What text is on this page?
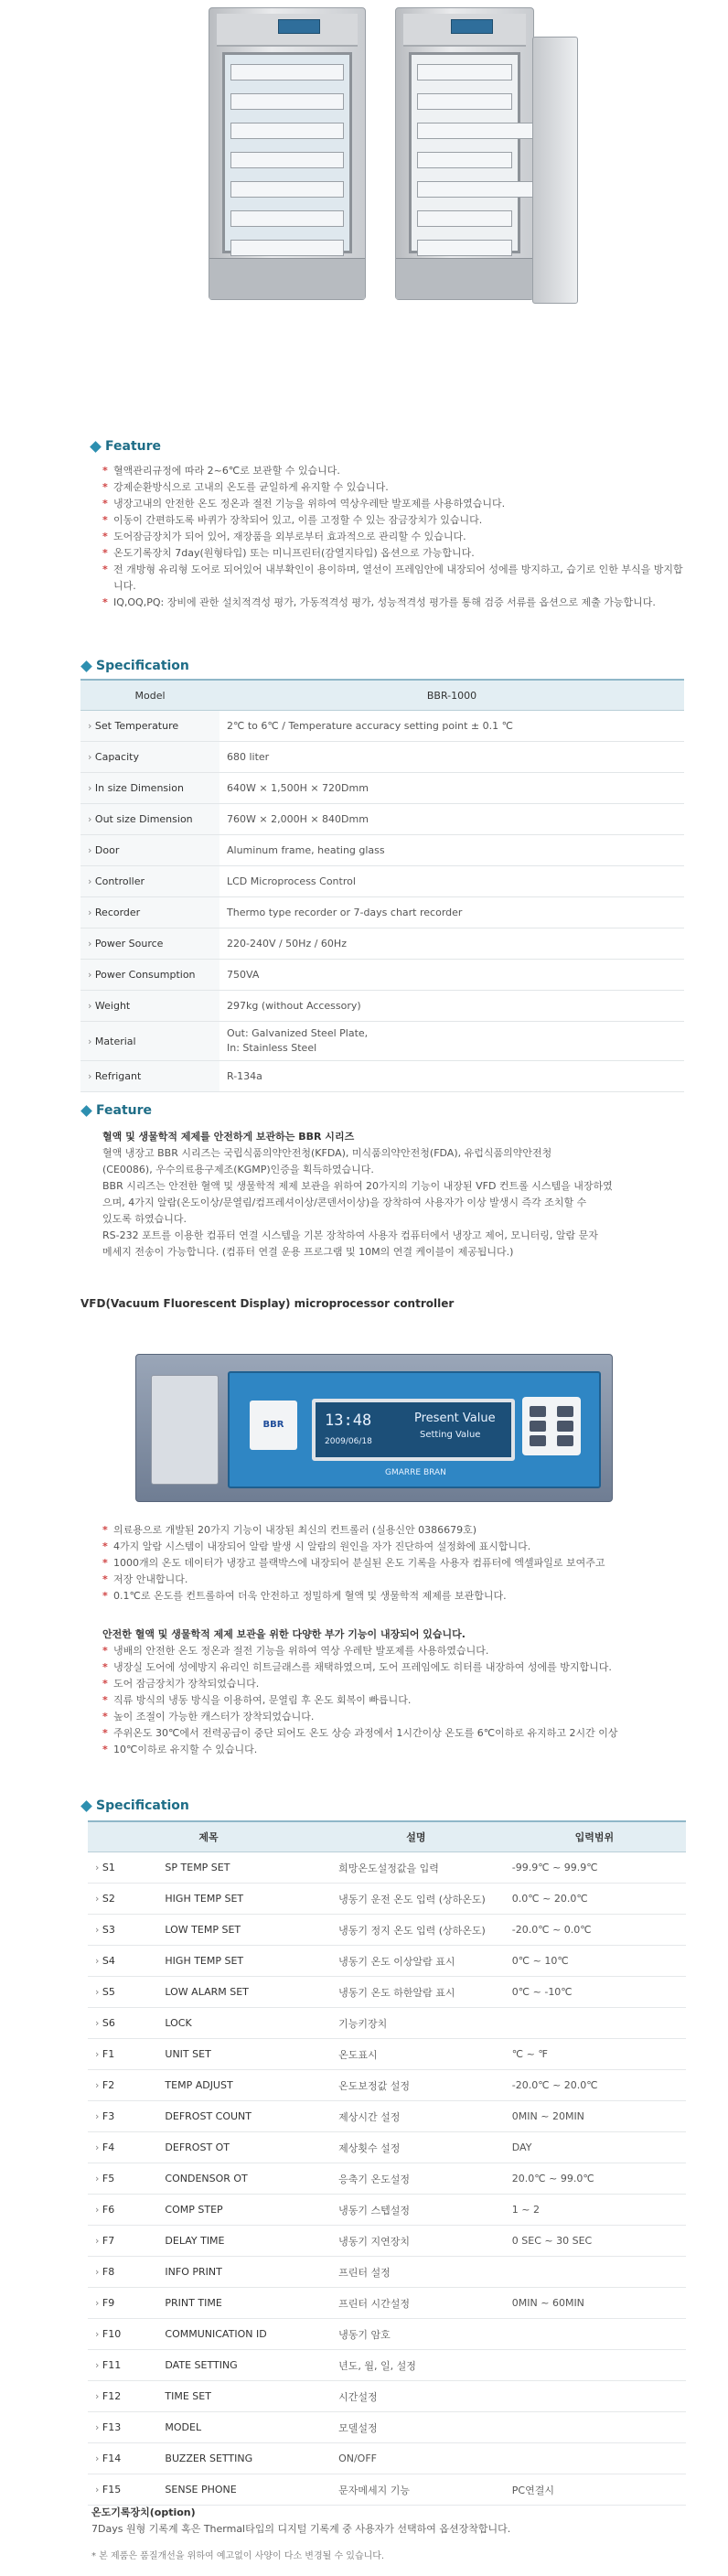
Feature
* 혈액관리규정에 따라 2~6℃로 보관할 수 있습니다.
* 강제순환방식으로 고내의 온도를 균일하게 유지할 수 있습니다.
* 냉장고내의 안전한 온도 정온과 절전 기능을 위하여 역상우레탄 발포제를 사용하였습니다.
* 이동이 간편하도록 바퀴가 장착되어 있고, 이를 고정할 수 있는 잠금장치가 있습니다.
* 도어잠금장치가 되어 있어, 재장품을 외부로부터 효과적으로 관리할 수 있습니다.
* 온도기록장치 7day(원형타입) 또는 미니프린터(감열지타입) 옵션으로 가능합니다.
* 전 개방형 유리형 도어로 되어있어 내부확인이 용이하며, 열선이 프레임안에 내장되어 성에를 방지하고, 습기로 인한 부식을 방지합니다.
* IQ,OQ,PQ: 장비에 관한 설치적격성 평가, 가동적격성 평가, 성능적격성 평가를 통해 검증 서류를 옵션으로 제출 가능합니다.
Specification
Model	BBR-1000
› Set Temperature	2℃ to 6℃ / Temperature accuracy setting point ± 0.1 ℃
› Capacity	680 liter
› In size Dimension	640W × 1,500H × 720Dmm
› Out size Dimension	760W × 2,000H × 840Dmm
› Door	Aluminum frame, heating glass
› Controller	LCD Microprocess Control
› Recorder	Thermo type recorder or 7-days chart recorder
› Power Source	220-240V / 50Hz / 60Hz
› Power Consumption	750VA
› Weight	297kg (without Accessory)
› Material	Out: Galvanized Steel Plate,
In: Stainless Steel
› Refrigant	R-134a
Feature
혈액 및 생물학적 제제를 안전하게 보관하는 BBR 시리즈
혈액 냉장고 BBR 시리즈는 국립식품의약안전청(KFDA), 미식품의약안전청(FDA), 유럽식품의약안전청
(CE0086), 우수의료용구제조(KGMP)인증을 획득하였습니다.
BBR 시리즈는 안전한 혈액 및 생물학적 제제 보관을 위하여 20가지의 기능이 내장된 VFD 컨트롤 시스템을 내장하였
으며, 4가지 알람(온도이상/문열림/컴프레셔이상/콘덴서이상)을 장착하여 사용자가 이상 발생시 즉각 조치할 수
있도록 하였습니다.
RS-232 포트를 이용한 컴퓨터 연결 시스템을 기본 장착하여 사용자 컴퓨터에서 냉장고 제어, 모니터링, 알람 문자
메세지 전송이 가능합니다. (컴퓨터 연결 운용 프로그램 및 10M의 연결 케이블이 제공됩니다.)
VFD(Vacuum Fluorescent Display) microprocessor controller
BBR	13:48
2009/06/18
Present Value
Setting Value
GMARRE BRAN
* 의료용으로 개발된 20가지 기능이 내장된 최신의 컨트롤러 (실용신안 0386679호)
* 4가지 알람 시스템이 내장되어 알람 발생 시 알람의 원인을 자가 진단하여 설정화에 표시합니다.
* 1000개의 온도 데이터가 냉장고 블랙박스에 내장되어 분실된 온도 기록을 사용자 컴퓨터에 엑셀파일로 보여주고
* 저장 안내합니다.
* 0.1℃로 온도를 컨트롤하여 더욱 안전하고 정밀하게 혈액 및 생물학적 제제를 보관합니다.
안전한 혈액 및 생물학적 제제 보관을 위한 다양한 부가 기능이 내장되어 있습니다.
* 냉배의 안전한 온도 정온과 절전 기능을 위하여 역상 우레탄 발포제를 사용하였습니다.
* 냉장실 도어에 성에방지 유리인 히트글래스를 채택하였으며, 도어 프레임에도 히터를 내장하여 성에를 방지합니다.
* 도어 잠금장치가 장착되었습니다.
* 직류 방식의 냉동 방식을 이용하여, 문열림 후 온도 회복이 빠릅니다.
* 높이 조절이 가능한 캐스터가 장착되었습니다.
* 주위온도 30℃에서 전력공급이 중단 되어도 온도 상승 과정에서 1시간이상 온도를 6℃이하로 유지하고 2시간 이상
* 10℃이하로 유지할 수 있습니다.
Specification
제목		설명	입력범위
› S1	SP TEMP SET	희망온도설정값을 입력	-99.9℃ ~ 99.9℃
› S2	HIGH TEMP SET	냉동기 운전 온도 입력 (상하온도)	0.0℃ ~ 20.0℃
› S3	LOW TEMP SET	냉동기 정지 온도 입력 (상하온도)	-20.0℃ ~ 0.0℃
› S4	HIGH TEMP SET	냉동기 온도 이상알람 표시	0℃ ~ 10℃
› S5	LOW ALARM SET	냉동기 온도 하한알람 표시	0℃ ~ -10℃
› S6	LOCK	기능키장치	
› F1	UNIT SET	온도표시	℃ ~ ℉
› F2	TEMP ADJUST	온도보정값 설정	-20.0℃ ~ 20.0℃
› F3	DEFROST COUNT	제상시간 설정	0MIN ~ 20MIN
› F4	DEFROST OT	제상횟수 설정	DAY
› F5	CONDENSOR OT	응축기 온도설정	20.0℃ ~ 99.0℃
› F6	COMP STEP	냉동기 스텝설정	1 ~ 2
› F7	DELAY TIME	냉동기 지연장치	0 SEC ~ 30 SEC
› F8	INFO PRINT	프린터 설정	
› F9	PRINT TIME	프린터 시간설정	0MIN ~ 60MIN
› F10	COMMUNICATION ID	냉동기 암호	
› F11	DATE SETTING	년도, 월, 일, 설정	
› F12	TIME SET	시간설정	
› F13	MODEL	모델설정	
› F14	BUZZER SETTING	ON/OFF	
› F15	SENSE PHONE	문자메세지 기능	PC연결시
온도기록장치(option)
7Days 원형 기록계 혹은 Thermal타입의 디지털 기록계 중 사용자가 선택하여 옵션장착합니다.
* 본 제품은 품질개선을 위하여 예고없이 사양이 다소 변경될 수 있습니다.
